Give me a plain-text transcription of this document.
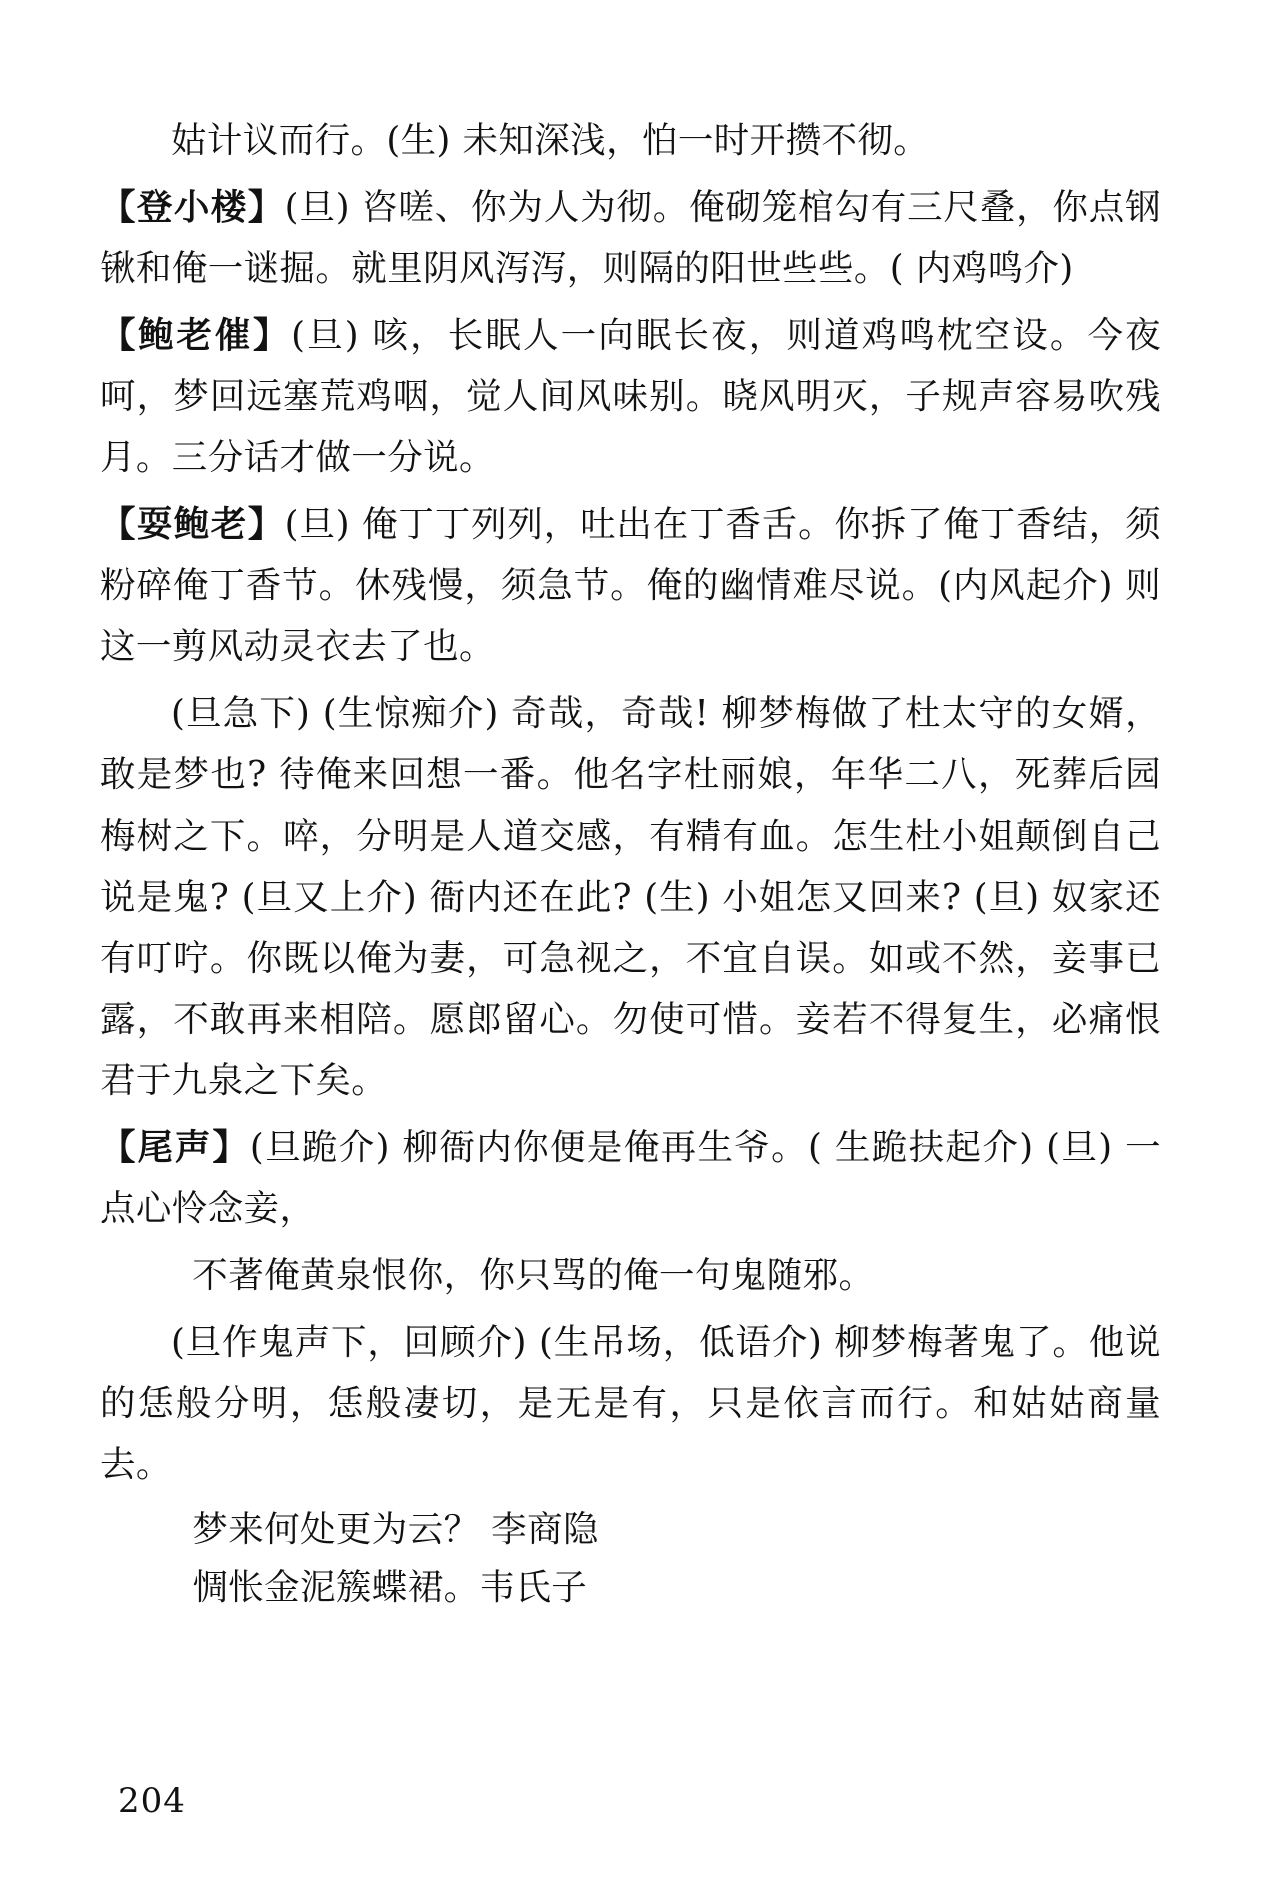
姑计议而行。(生) 未知深浅，怕一时开攒不彻。

【登小楼】(旦) 咨嗟、你为人为彻。俺砌笼棺勾有三尺叠，你点钢锹和俺一谜掘。就里阴风泻泻，则隔的阳世些些。( 内鸡鸣介)

【鲍老催】(旦) 咳，长眠人一向眠长夜，则道鸡鸣枕空设。今夜呵，梦回远塞荒鸡咽，觉人间风味别。晓风明灭，子规声容易吹残月。三分话才做一分说。

【耍鲍老】(旦) 俺丁丁列列，吐出在丁香舌。你拆了俺丁香结，须粉碎俺丁香节。休残慢，须急节。俺的幽情难尽说。(内风起介) 则这一剪风动灵衣去了也。

(旦急下) (生惊痴介) 奇哉，奇哉! 柳梦梅做了杜太守的女婿，敢是梦也? 待俺来回想一番。他名字杜丽娘，年华二八，死葬后园梅树之下。啐，分明是人道交感，有精有血。怎生杜小姐颠倒自己说是鬼? (旦又上介) 衙内还在此? (生) 小姐怎又回来? (旦) 奴家还有叮咛。你既以俺为妻，可急视之，不宜自误。如或不然，妾事已露，不敢再来相陪。愿郎留心。勿使可惜。妾若不得复生，必痛恨君于九泉之下矣。

【尾声】(旦跪介) 柳衙内你便是俺再生爷。( 生跪扶起介) (旦) 一点心怜念妾，

不著俺黄泉恨你，你只骂的俺一句鬼随邪。

(旦作鬼声下，回顾介) (生吊场，低语介) 柳梦梅著鬼了。他说的恁般分明，恁般凄切，是无是有，只是依言而行。和姑姑商量去。

梦来何处更为云？ 李商隐

惆怅金泥簇蝶裙。韦氏子

204
